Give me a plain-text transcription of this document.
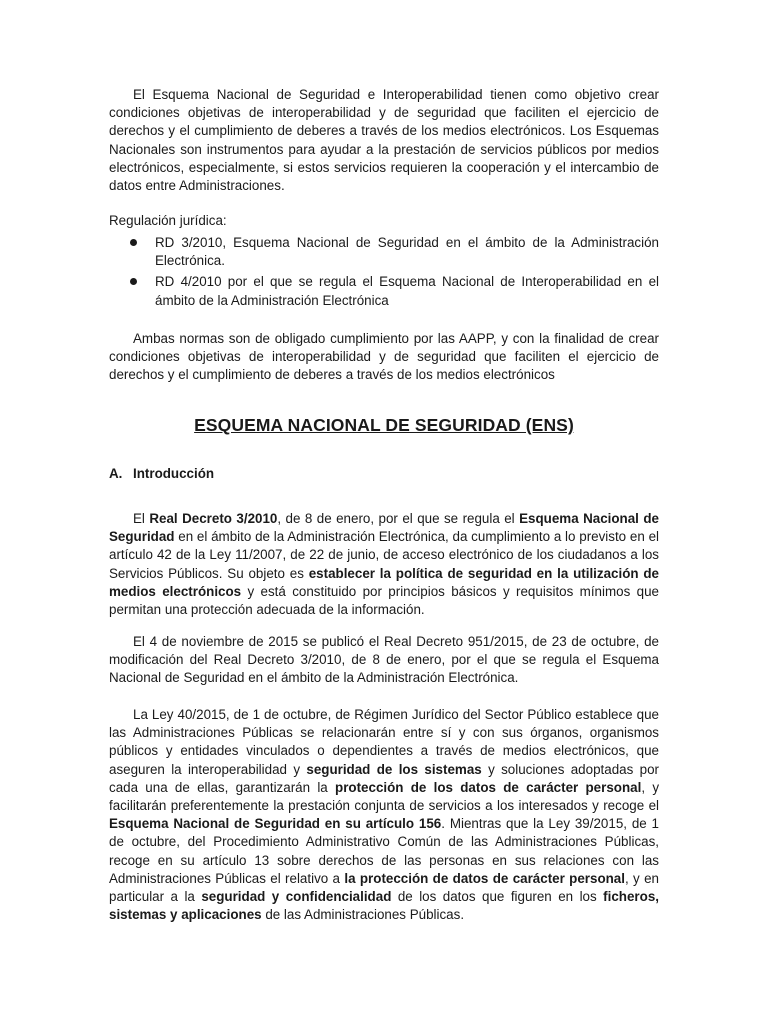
El Esquema Nacional de Seguridad e Interoperabilidad tienen como objetivo crear condiciones objetivas de interoperabilidad y de seguridad que faciliten el ejercicio de derechos y el cumplimiento de deberes a través de los medios electrónicos. Los Esquemas Nacionales son instrumentos para ayudar a la prestación de servicios públicos por medios electrónicos, especialmente, si estos servicios requieren la cooperación y el intercambio de datos entre Administraciones.

Regulación jurídica:

RD 3/2010, Esquema Nacional de Seguridad en el ámbito de la Administración Electrónica.
RD 4/2010 por el que se regula el Esquema Nacional de Interoperabilidad en el ámbito de la Administración Electrónica

Ambas normas son de obligado cumplimiento por las AAPP, y con la finalidad de crear condiciones objetivas de interoperabilidad y de seguridad que faciliten el ejercicio de derechos y el cumplimiento de deberes a través de los medios electrónicos

ESQUEMA NACIONAL DE SEGURIDAD (ENS)
A. Introducción

El Real Decreto 3/2010, de 8 de enero, por el que se regula el Esquema Nacional de Seguridad en el ámbito de la Administración Electrónica, da cumplimiento a lo previsto en el artículo 42 de la Ley 11/2007, de 22 de junio, de acceso electrónico de los ciudadanos a los Servicios Públicos. Su objeto es establecer la política de seguridad en la utilización de medios electrónicos y está constituido por principios básicos y requisitos mínimos que permitan una protección adecuada de la información.

El 4 de noviembre de 2015 se publicó el Real Decreto 951/2015, de 23 de octubre, de modificación del Real Decreto 3/2010, de 8 de enero, por el que se regula el Esquema Nacional de Seguridad en el ámbito de la Administración Electrónica.

La Ley 40/2015, de 1 de octubre, de Régimen Jurídico del Sector Público establece que las Administraciones Públicas se relacionarán entre sí y con sus órganos, organismos públicos y entidades vinculados o dependientes a través de medios electrónicos, que aseguren la interoperabilidad y seguridad de los sistemas y soluciones adoptadas por cada una de ellas, garantizarán la protección de los datos de carácter personal, y facilitarán preferentemente la prestación conjunta de servicios a los interesados y recoge el Esquema Nacional de Seguridad en su artículo 156. Mientras que la Ley 39/2015, de 1 de octubre, del Procedimiento Administrativo Común de las Administraciones Públicas, recoge en su artículo 13 sobre derechos de las personas en sus relaciones con las Administraciones Públicas el relativo a la protección de datos de carácter personal, y en particular a la seguridad y confidencialidad de los datos que figuren en los ficheros, sistemas y aplicaciones de las Administraciones Públicas.
